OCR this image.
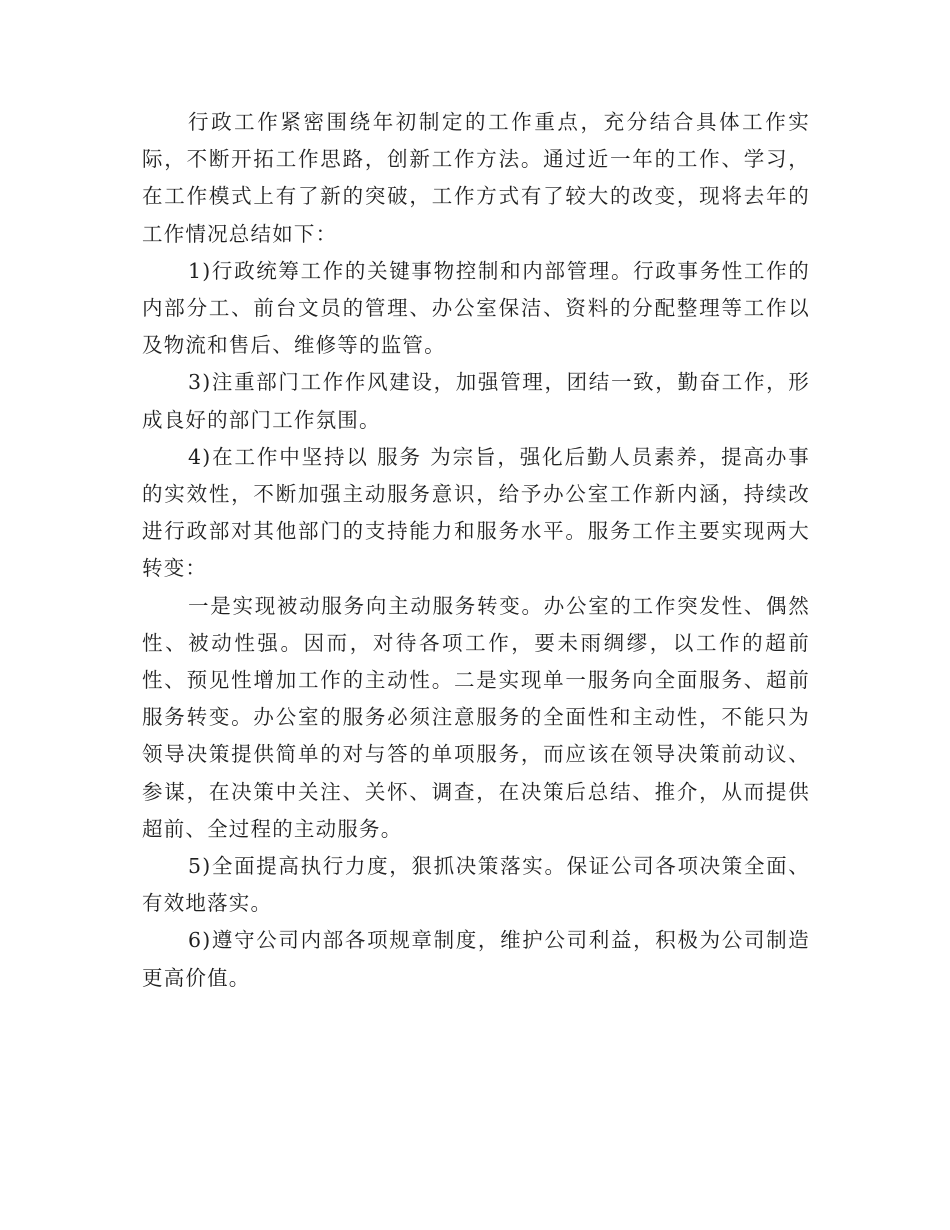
行政工作紧密围绕年初制定的工作重点，充分结合具体工作实际，不断开拓工作思路，创新工作方法。通过近一年的工作、学习，在工作模式上有了新的突破，工作方式有了较大的改变，现将去年的工作情况总结如下：

1)行政统筹工作的关键事物控制和内部管理。行政事务性工作的内部分工、前台文员的管理、办公室保洁、资料的分配整理等工作以及物流和售后、维修等的监管。

3)注重部门工作作风建设，加强管理，团结一致，勤奋工作，形成良好的部门工作氛围。

4)在工作中坚持以 服务 为宗旨，强化后勤人员素养，提高办事的实效性，不断加强主动服务意识，给予办公室工作新内涵，持续改进行政部对其他部门的支持能力和服务水平。服务工作主要实现两大转变：

一是实现被动服务向主动服务转变。办公室的工作突发性、偶然性、被动性强。因而，对待各项工作，要未雨绸缪，以工作的超前性、预见性增加工作的主动性。二是实现单一服务向全面服务、超前服务转变。办公室的服务必须注意服务的全面性和主动性，不能只为领导决策提供简单的对与答的单项服务，而应该在领导决策前动议、参谋，在决策中关注、关怀、调查，在决策后总结、推介，从而提供超前、全过程的主动服务。

5)全面提高执行力度，狠抓决策落实。保证公司各项决策全面、有效地落实。

6)遵守公司内部各项规章制度，维护公司利益，积极为公司制造更高价值。
